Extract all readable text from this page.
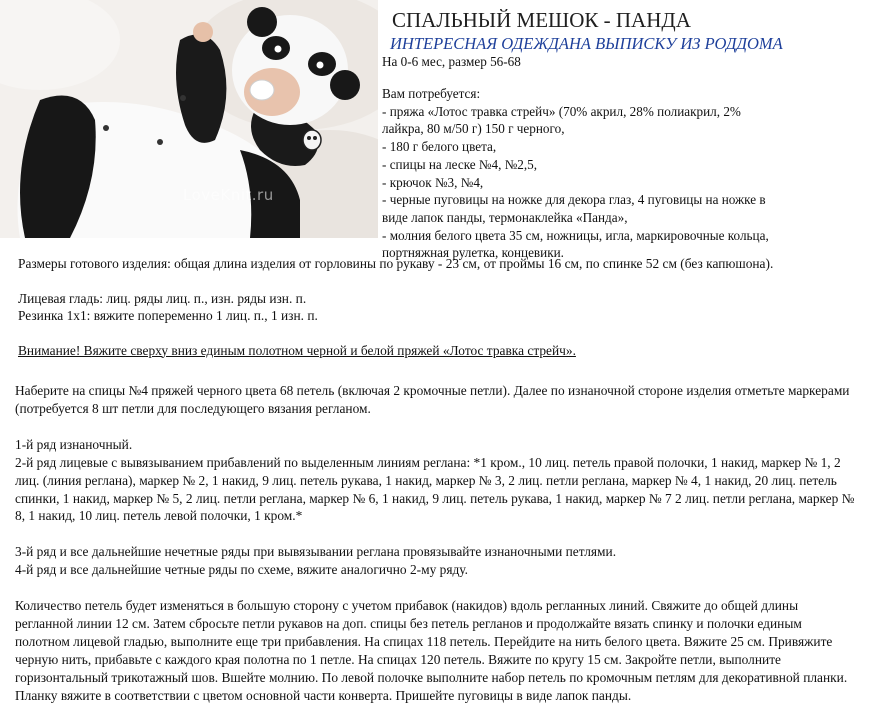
LoveKnit.ru
СПАЛЬНЫЙ МЕШОК - ПАНДА
ИНТЕРЕСНАЯ ОДЕЖДАНА ВЫПИСКУ ИЗ РОДДОМА
На 0-6 мес, размер 56-68
Вам потребуется:
- пряжа «Лотос травка стрейч» (70% акрил, 28% полиакрил, 2%
лайкра, 80 м/50 г) 150 г черного,
- 180 г белого цвета,
- спицы на леске №4, №2,5,
- крючок №3, №4,
- черные пуговицы на ножке для декора глаз, 4 пуговицы на ножке в
виде лапок панды, термонаклейка «Панда»,
- молния белого цвета 35 см, ножницы, игла, маркировочные кольца,
портняжная рулетка, концевики.

Размеры готового изделия: общая длина изделия от горловины по рукаву - 23 см, от проймы 16 см, по спинке 52 см (без капюшона).

Лицевая гладь: лиц. ряды лиц. п., изн. ряды изн. п.

Резинка 1х1: вяжите попеременно 1 лиц. п., 1 изн. п.

Внимание! Вяжите сверху вниз единым полотном черной и белой пряжей «Лотос травка стрейч».

Наберите на спицы №4 пряжей черного цвета 68 петель (включая 2 кромочные петли). Далее по изнаночной стороне изделия отметьте маркерами (потребуется 8 шт петли для последующего вязания регланом.

1-й ряд изнаночный.

2-й ряд лицевые с вывязыванием прибавлений по выделенным линиям реглана: *1 кром., 10 лиц. петель правой полочки, 1 накид, маркер № 1, 2 лиц. (линия реглана), маркер № 2, 1 накид, 9 лиц. петель рукава, 1 накид, маркер № 3, 2 лиц. петли реглана, маркер № 4, 1 накид, 20 лиц. петель спинки, 1 накид, маркер № 5, 2 лиц. петли реглана, маркер № 6, 1 накид, 9 лиц. петель рукава, 1 накид, маркер № 7 2 лиц. петли реглана, маркер № 8, 1 накид, 10 лиц. петель левой полочки, 1 кром.*

3-й ряд и все дальнейшие нечетные ряды при вывязывании реглана провязывайте изнаночными петлями.

4-й ряд и все дальнейшие четные ряды по схеме, вяжите аналогично 2-му ряду.

Количество петель будет изменяться в большую сторону с учетом прибавок (накидов) вдоль регланных линий. Свяжите до общей длины регланной линии 12 см. Затем сбросьте петли рукавов на доп. спицы без петель регланов и продолжайте вязать спинку и полочки единым полотном лицевой гладью, выполните еще три прибавления. На спицах 118 петель. Перейдите на нить белого цвета. Вяжите 25 см. Привяжите черную нить, прибавьте с каждого края полотна по 1 петле. На спицах 120 петель. Вяжите по кругу 15 см. Закройте петли, выполните горизонтальный трикотажный шов. Вшейте молнию. По левой полочке выполните набор петель по кромочным петлям для декоративной планки. Планку вяжите в соответствии с цветом основной части конверта. Пришейте пуговицы в виде лапок панды.
